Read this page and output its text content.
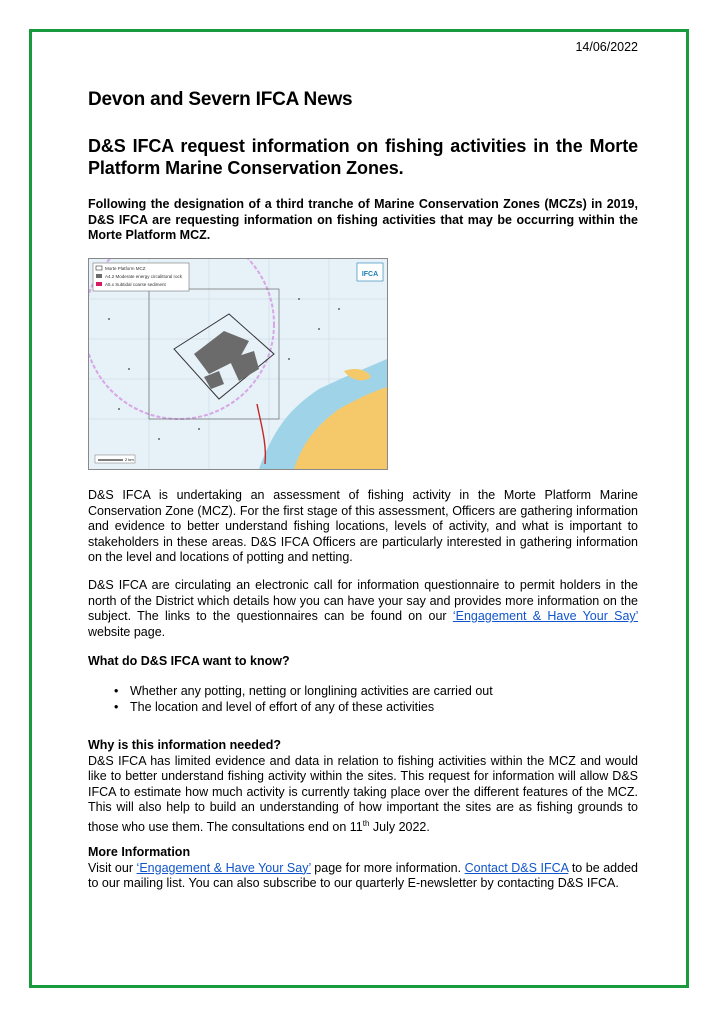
14/06/2022
Devon and Severn IFCA News
D&S IFCA request information on fishing activities in the Morte Platform Marine Conservation Zones.

Following the designation of a third tranche of Marine Conservation Zones (MCZs) in 2019, D&S IFCA are requesting information on fishing activities that may be occurring within the Morte Platform MCZ.

Morte Platform MCZ
A4.2 Moderate energy circalittoral rock
A5.x Subtidal coarse sediment
IFCA
2 km

D&S IFCA is undertaking an assessment of fishing activity in the Morte Platform Marine Conservation Zone (MCZ). For the first stage of this assessment, Officers are gathering information and evidence to better understand fishing locations, levels of activity, and what is important to stakeholders in these areas. D&S IFCA Officers are particularly interested in gathering information on the level and locations of potting and netting.

D&S IFCA are circulating an electronic call for information questionnaire to permit holders in the north of the District which details how you can have your say and provides more information on the subject. The links to the questionnaires can be found on our ‘Engagement & Have Your Say’ website page.

What do D&S IFCA want to know?
• Whether any potting, netting or longlining activities are carried out
• The location and level of effort of any of these activities

Why is this information needed?
D&S IFCA has limited evidence and data in relation to fishing activities within the MCZ and would like to better understand fishing activity within the sites. This request for information will allow D&S IFCA to estimate how much activity is currently taking place over the different features of the MCZ. This will also help to build an understanding of how important the sites are as fishing grounds to those who use them. The consultations end on 11th July 2022.

More Information
Visit our ‘Engagement & Have Your Say’ page for more information. Contact D&S IFCA to be added to our mailing list. You can also subscribe to our quarterly E-newsletter by contacting D&S IFCA.
